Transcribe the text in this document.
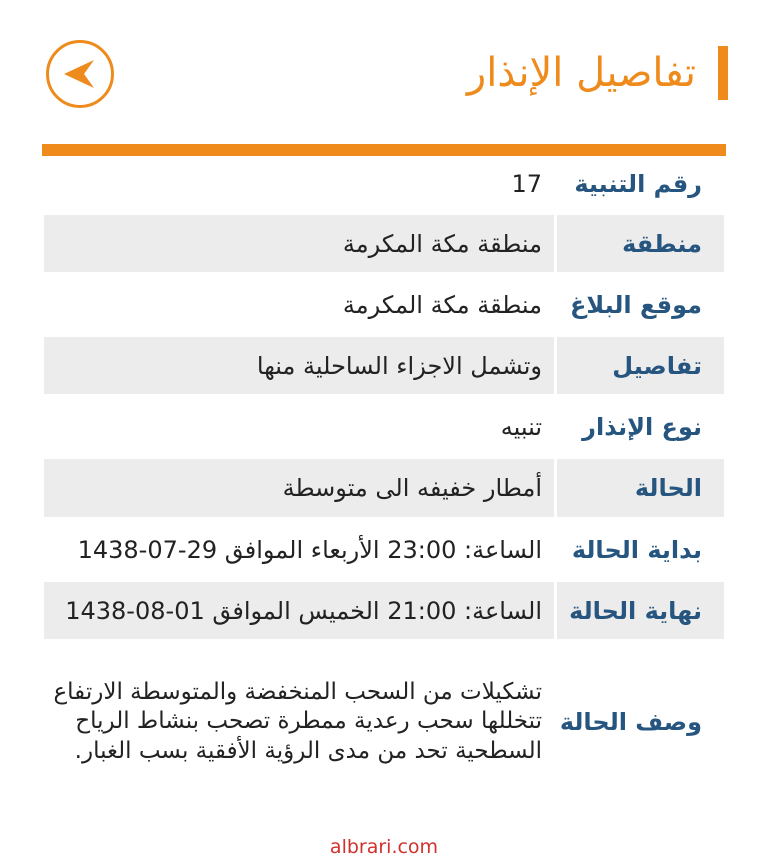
تفاصيل الإنذار
رقم التنبية
17
منطقة
منطقة مكة المكرمة
موقع البلاغ
منطقة مكة المكرمة
تفاصيل
وتشمل الاجزاء الساحلية منها
نوع الإنذار
تنبيه
الحالة
أمطار خفيفه الى متوسطة
بداية الحالة
الساعة: 23:00 الأربعاء الموافق 29-07-1438
نهاية الحالة
الساعة: 21:00 الخميس الموافق 01-08-1438
وصف الحالة
تشكيلات من السحب المنخفضة والمتوسطة الارتفاع تتخللها سحب رعدية ممطرة تصحب بنشاط الرياح السطحية تحد من مدى الرؤية الأفقية بسب الغبار.
albrari.com
